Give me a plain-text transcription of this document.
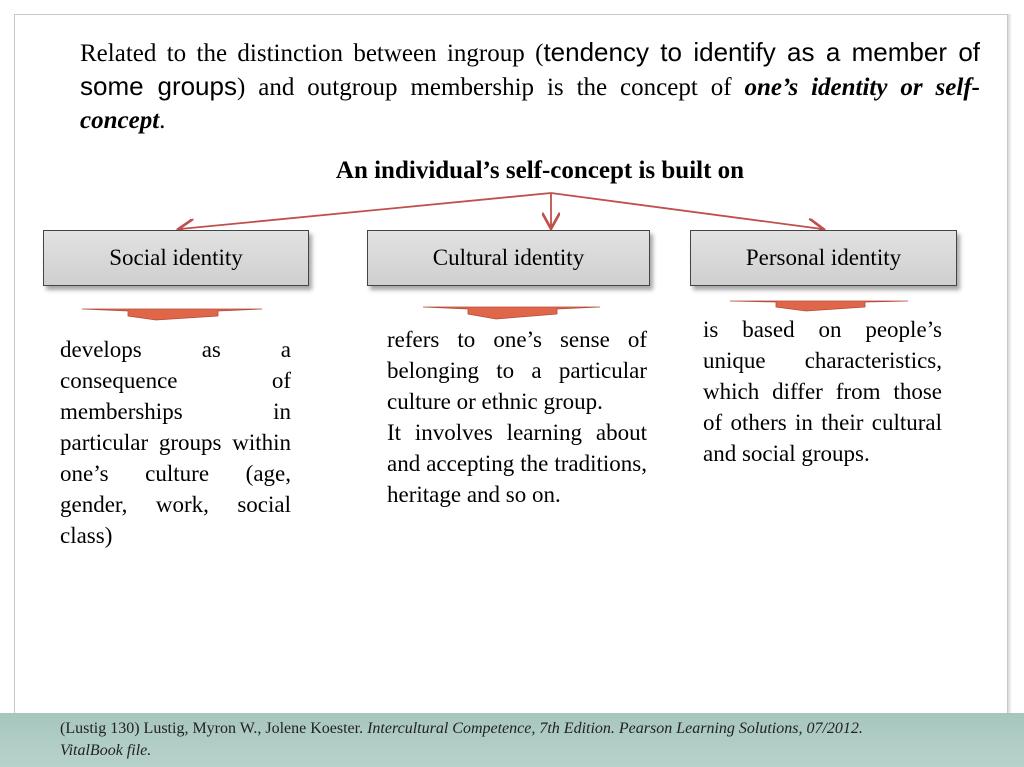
Related to the distinction between ingroup (tendency to identify as a member of some groups) and outgroup membership is the concept of one’s identity or self-concept.
An individual’s self-concept is built on
Social identity	Cultural identity	Personal identity

develops as a consequence of memberships in particular groups within one’s culture (age, gender, work, social class)

refers to one’s sense of belonging to a particular culture or ethnic group.

It involves learning about and accepting the traditions, heritage and so on.

is based on people’s unique characteristics, which differ from those of others in their cultural and social groups.

(Lustig 130) Lustig, Myron W., Jolene Koester. Intercultural Competence, 7th Edition. Pearson Learning Solutions, 07/2012.
VitalBook file.
